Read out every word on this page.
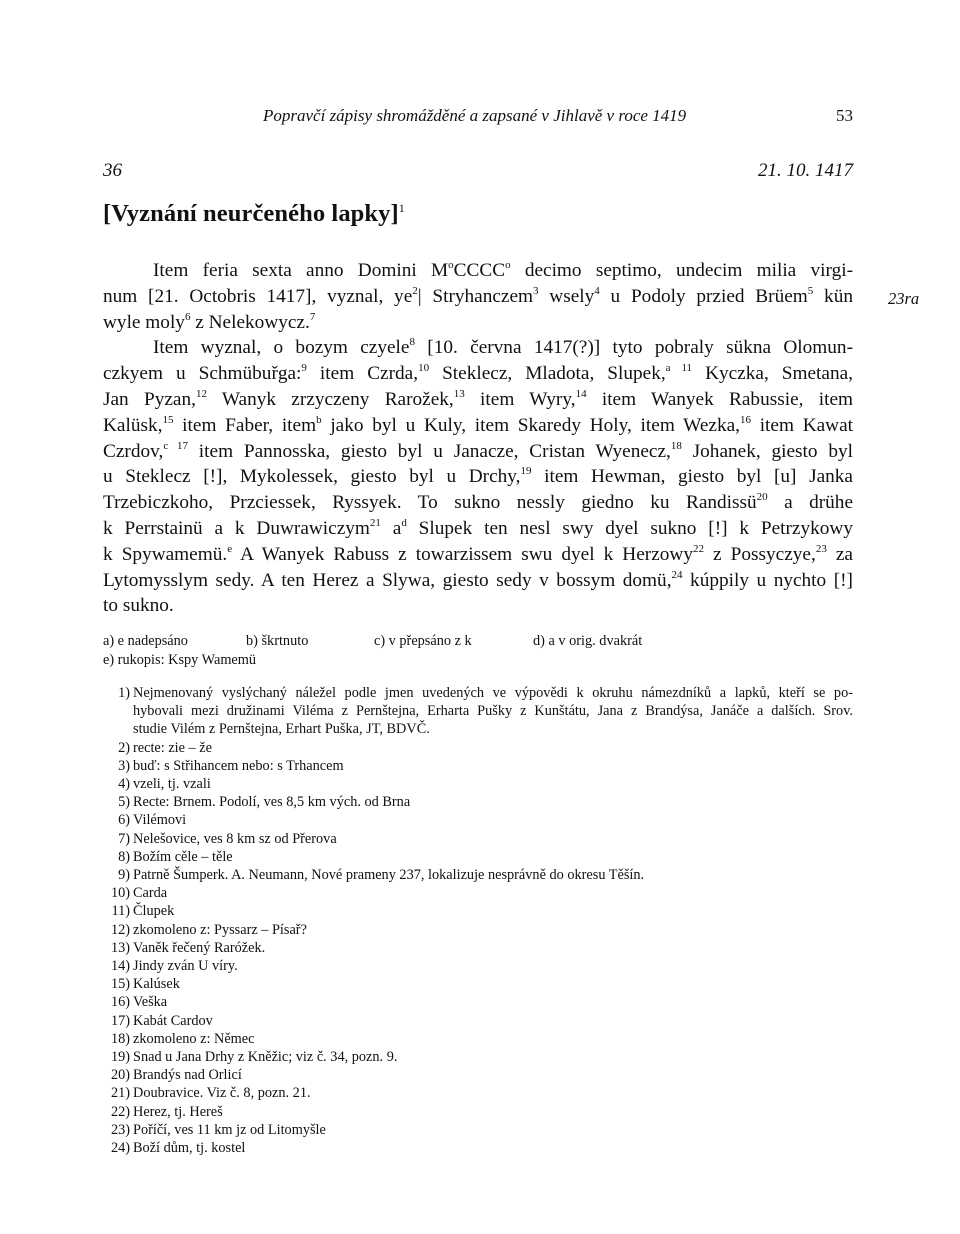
Popravčí zápisy shromážděné a zapsané v Jihlavě v roce 1419	53
36	21. 10. 1417
[Vyznání neurčeného lapky]$^1$
Item feria sexta anno Domini $M^oCCCC^o$ decimo septimo, undecim milia virgi-
num [21. Octobris 1417], vyznal, $ye^2|$ Stryhanczem$^3$ wsely$^4$ u Podoly przied Brüem$^5$ kün
wyle moly$^6$ z Nelekowycz.$^7$
Item wyznal, o bozym czyele$^8$ [10. června 1417(?)] tyto pobraly sükna Olomun-
czkyem u Schmübuřga:$^9$ item Czrda,$^{10}$ Steklecz, Mladota, Slupek,$^{a 11}$ Kyczka, Smetana,
Jan Pyzan,$^{12}$ Wanyk zrzyczeny Rarožek,$^{13}$ item Wyry,$^{14}$ item Wanyek Rabussie, item
Kalüsk,$^{15}$ item Faber, item$^b$ jako byl u Kuly, item Skaredy Holy, item Wezka,$^{16}$ item Kawat
Czrdov,$^{c 17}$ item Pannosska, giesto byl u Janacze, Cristan Wyenecz,$^{18}$ Johanek, giesto byl
u Steklecz [!], Mykolessek, giesto byl u Drchy,$^{19}$ item Hewman, giesto byl [u] Janka
Trzebiczkoho, Przciessek, Ryssyek. To sukno nessly giedno ku Randissü$^{20}$ a drühe
k Perrstainü a k Duwrawiczym$^{21}$ $a^d$ Slupek ten nesl swy dyel sukno [!] k Petrzykowy
k Spywamemü.$^e$ A Wanyek Rabuss z towarzissem swu dyel k Herzowy$^{22}$ z Possyczye,$^{23}$ za
Lytomysslym sedy. A ten Herez a Slywa, giesto sedy v bossym domü,$^{24}$ kúppily u nychto [!]
to sukno.
23ra
a) e nadepsáno	b) škrtnuto	c) v přepsáno z k	d) a v orig. dvakrát
e) rukopis: Kspy Wamemü
1) Nejmenovaný vyslýchaný náležel podle jmen uvedených ve výpovědi k okruhu námezdníků a lapků, kteří se po-
hybovali mezi družinami Viléma z Pernštejna, Erharta Pušky z Kunštátu, Jana z Brandýsa, Janáče a dalších. Srov.
studie Vilém z Pernštejna, Erhart Puška, JT, BDVČ.
2) recte: zie – že
3) buď: s Střihancem nebo: s Trhancem
4) vzeli, tj. vzali
5) Recte: Brnem. Podolí, ves 8,5 km vých. od Brna
6) Vilémovi
7) Nelešovice, ves 8 km sz od Přerova
8) Božím cěle – těle
9) Patrně Šumperk. A. Neumann, Nové prameny 237, lokalizuje nesprávně do okresu Těšín.
10) Carda
11) Člupek
12) zkomoleno z: Pyssarz – Písař?
13) Vaněk řečený Raróžek.
14) Jindy zván U víry.
15) Kalúsek
16) Veška
17) Kabát Cardov
18) zkomoleno z: Němec
19) Snad u Jana Drhy z Kněžic; viz č. 34, pozn. 9.
20) Brandýs nad Orlicí
21) Doubravice. Viz č. 8, pozn. 21.
22) Herez, tj. Hereš
23) Poříčí, ves 11 km jz od Litomyšle
24) Boží dům, tj. kostel
